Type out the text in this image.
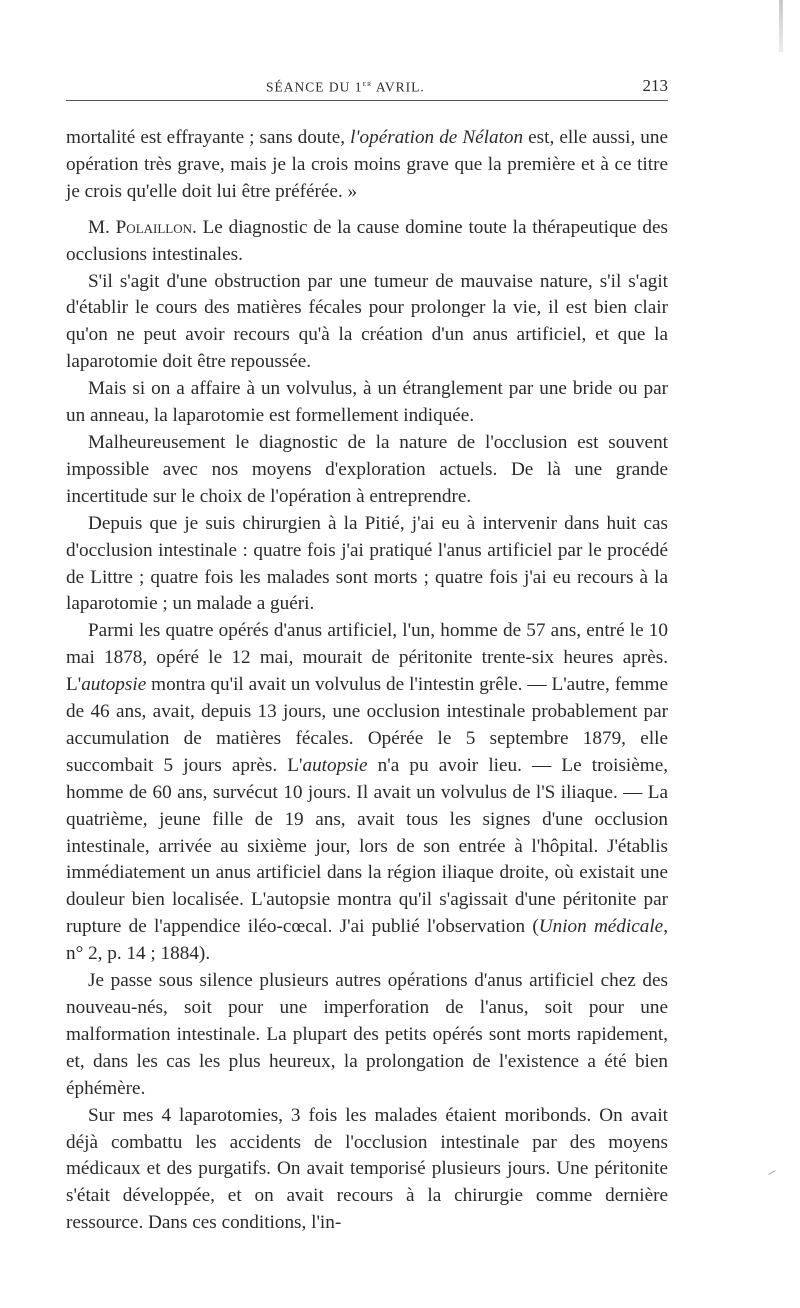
SÉANCE DU 1er AVRIL.	213

mortalité est effrayante ; sans doute, l'opération de Nélaton est, elle aussi, une opération très grave, mais je la crois moins grave que la première et à ce titre je crois qu'elle doit lui être préférée. »

M. Polaillon. Le diagnostic de la cause domine toute la thérapeutique des occlusions intestinales.

S'il s'agit d'une obstruction par une tumeur de mauvaise nature, s'il s'agit d'établir le cours des matières fécales pour prolonger la vie, il est bien clair qu'on ne peut avoir recours qu'à la création d'un anus artificiel, et que la laparotomie doit être repoussée.

Mais si on a affaire à un volvulus, à un étranglement par une bride ou par un anneau, la laparotomie est formellement indiquée.

Malheureusement le diagnostic de la nature de l'occlusion est souvent impossible avec nos moyens d'exploration actuels. De là une grande incertitude sur le choix de l'opération à entreprendre.

Depuis que je suis chirurgien à la Pitié, j'ai eu à intervenir dans huit cas d'occlusion intestinale : quatre fois j'ai pratiqué l'anus artificiel par le procédé de Littre ; quatre fois les malades sont morts ; quatre fois j'ai eu recours à la laparotomie ; un malade a guéri.

Parmi les quatre opérés d'anus artificiel, l'un, homme de 57 ans, entré le 10 mai 1878, opéré le 12 mai, mourait de péritonite trente-six heures après. L'autopsie montra qu'il avait un volvulus de l'intestin grêle. — L'autre, femme de 46 ans, avait, depuis 13 jours, une occlusion intestinale probablement par accumulation de matières fécales. Opérée le 5 septembre 1879, elle succombait 5 jours après. L'autopsie n'a pu avoir lieu. — Le troisième, homme de 60 ans, survécut 10 jours. Il avait un volvulus de l'S iliaque. — La quatrième, jeune fille de 19 ans, avait tous les signes d'une occlusion intestinale, arrivée au sixième jour, lors de son entrée à l'hôpital. J'établis immédiatement un anus artificiel dans la région iliaque droite, où existait une douleur bien localisée. L'autopsie montra qu'il s'agissait d'une péritonite par rupture de l'appendice iléo-cœcal. J'ai publié l'observation (Union médicale, n° 2, p. 14 ; 1884).

Je passe sous silence plusieurs autres opérations d'anus artificiel chez des nouveau-nés, soit pour une imperforation de l'anus, soit pour une malformation intestinale. La plupart des petits opérés sont morts rapidement, et, dans les cas les plus heureux, la prolongation de l'existence a été bien éphémère.

Sur mes 4 laparotomies, 3 fois les malades étaient moribonds. On avait déjà combattu les accidents de l'occlusion intestinale par des moyens médicaux et des purgatifs. On avait temporisé plusieurs jours. Une péritonite s'était développée, et on avait recours à la chirurgie comme dernière ressource. Dans ces conditions, l'in-
